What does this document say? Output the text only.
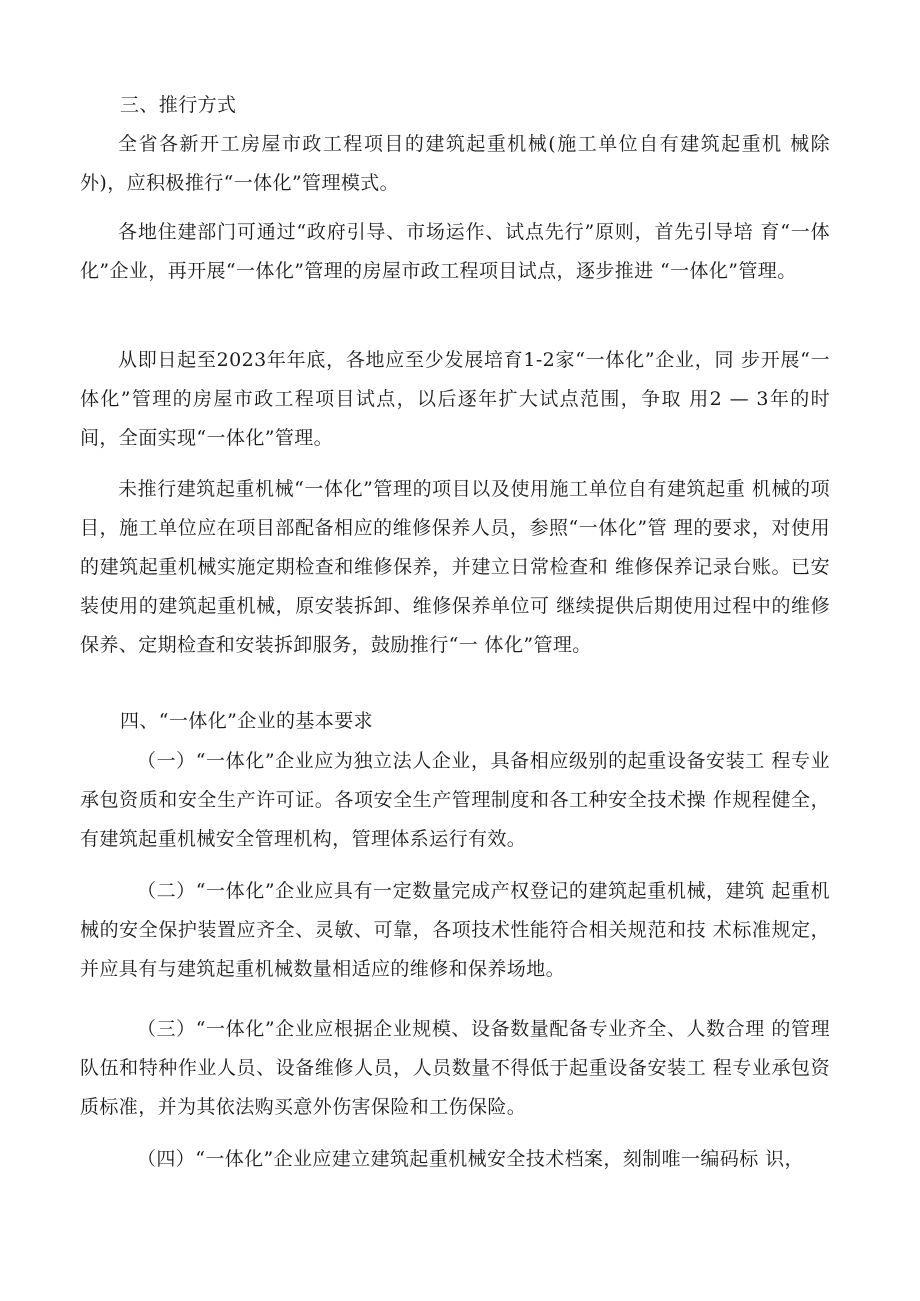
三、推行方式

全省各新开工房屋市政工程项目的建筑起重机械(施工单位自有建筑起重机 械除外)，应积极推行“一体化”管理模式。

各地住建部门可通过“政府引导、市场运作、试点先行”原则，首先引导培 育“一体化”企业，再开展“一体化”管理的房屋市政工程项目试点，逐步推进 “一体化”管理。

从即日起至2023年年底，各地应至少发展培育1-2家“一体化”企业，同 步开展“一体化”管理的房屋市政工程项目试点，以后逐年扩大试点范围，争取 用2 — 3年的时间，全面实现“一体化”管理。

未推行建筑起重机械“一体化”管理的项目以及使用施工单位自有建筑起重 机械的项目，施工单位应在项目部配备相应的维修保养人员，参照“一体化”管 理的要求，对使用的建筑起重机械实施定期检查和维修保养，并建立日常检查和 维修保养记录台账。已安装使用的建筑起重机械，原安装拆卸、维修保养单位可 继续提供后期使用过程中的维修保养、定期检查和安装拆卸服务，鼓励推行“一 体化”管理。

四、“一体化”企业的基本要求

（一）“一体化”企业应为独立法人企业，具备相应级别的起重设备安装工 程专业承包资质和安全生产许可证。各项安全生产管理制度和各工种安全技术操 作规程健全，有建筑起重机械安全管理机构，管理体系运行有效。

（二）“一体化”企业应具有一定数量完成产权登记的建筑起重机械，建筑 起重机械的安全保护装置应齐全、灵敏、可靠，各项技术性能符合相关规范和技 术标准规定，并应具有与建筑起重机械数量相适应的维修和保养场地。

（三）“一体化”企业应根据企业规模、设备数量配备专业齐全、人数合理 的管理队伍和特种作业人员、设备维修人员，人员数量不得低于起重设备安装工 程专业承包资质标准，并为其依法购买意外伤害保险和工伤保险。

（四）“一体化”企业应建立建筑起重机械安全技术档案，刻制唯一编码标 识，
